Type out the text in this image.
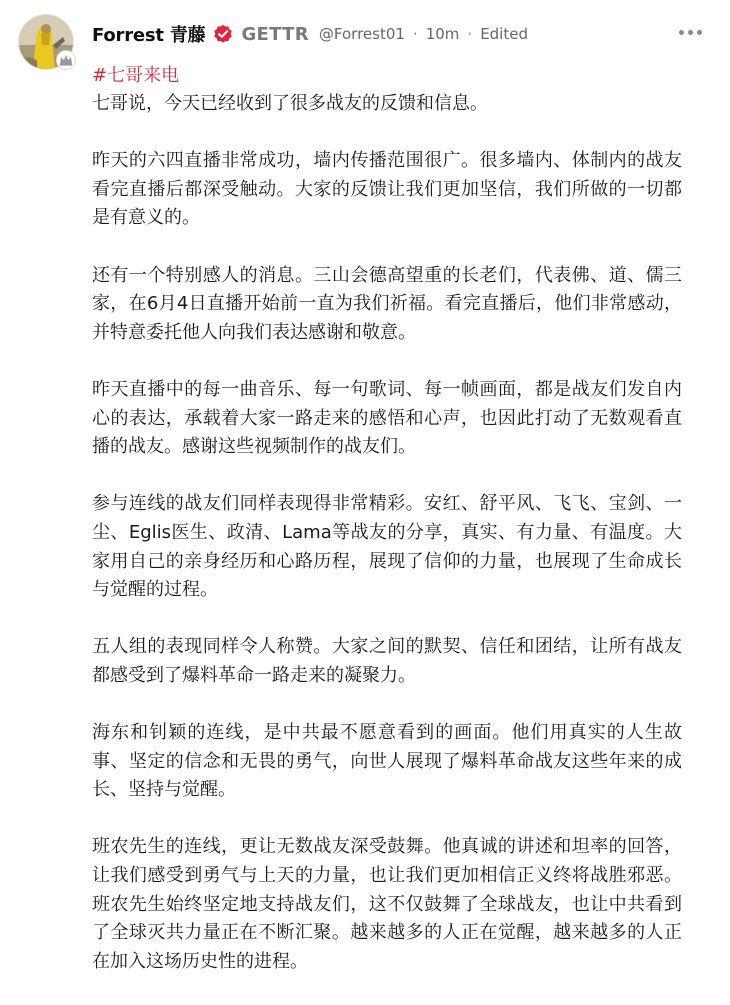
Forrest 青藤 GETTR @Forrest01 · 10m · Edited
#七哥来电

七哥说，今天已经收到了很多战友的反馈和信息。

昨天的六四直播非常成功，墙内传播范围很广。很多墙内、体制内的战友看完直播后都深受触动。大家的反馈让我们更加坚信，我们所做的一切都是有意义的。

还有一个特别感人的消息。三山会德高望重的长老们，代表佛、道、儒三家，在6月4日直播开始前一直为我们祈福。看完直播后，他们非常感动，并特意委托他人向我们表达感谢和敬意。

昨天直播中的每一曲音乐、每一句歌词、每一帧画面，都是战友们发自内心的表达，承载着大家一路走来的感悟和心声，也因此打动了无数观看直播的战友。感谢这些视频制作的战友们。

参与连线的战友们同样表现得非常精彩。安红、舒平风、飞飞、宝剑、一尘、Eglis医生、政清、Lama等战友的分享，真实、有力量、有温度。大家用自己的亲身经历和心路历程，展现了信仰的力量，也展现了生命成长与觉醒的过程。

五人组的表现同样令人称赞。大家之间的默契、信任和团结，让所有战友都感受到了爆料革命一路走来的凝聚力。

海东和钊颖的连线，是中共最不愿意看到的画面。他们用真实的人生故事、坚定的信念和无畏的勇气，向世人展现了爆料革命战友这些年来的成长、坚持与觉醒。

班农先生的连线，更让无数战友深受鼓舞。他真诚的讲述和坦率的回答，让我们感受到勇气与上天的力量，也让我们更加相信正义终将战胜邪恶。班农先生始终坚定地支持战友们，这不仅鼓舞了全球战友，也让中共看到了全球灭共力量正在不断汇聚。越来越多的人正在觉醒，越来越多的人正在加入这场历史性的进程。
